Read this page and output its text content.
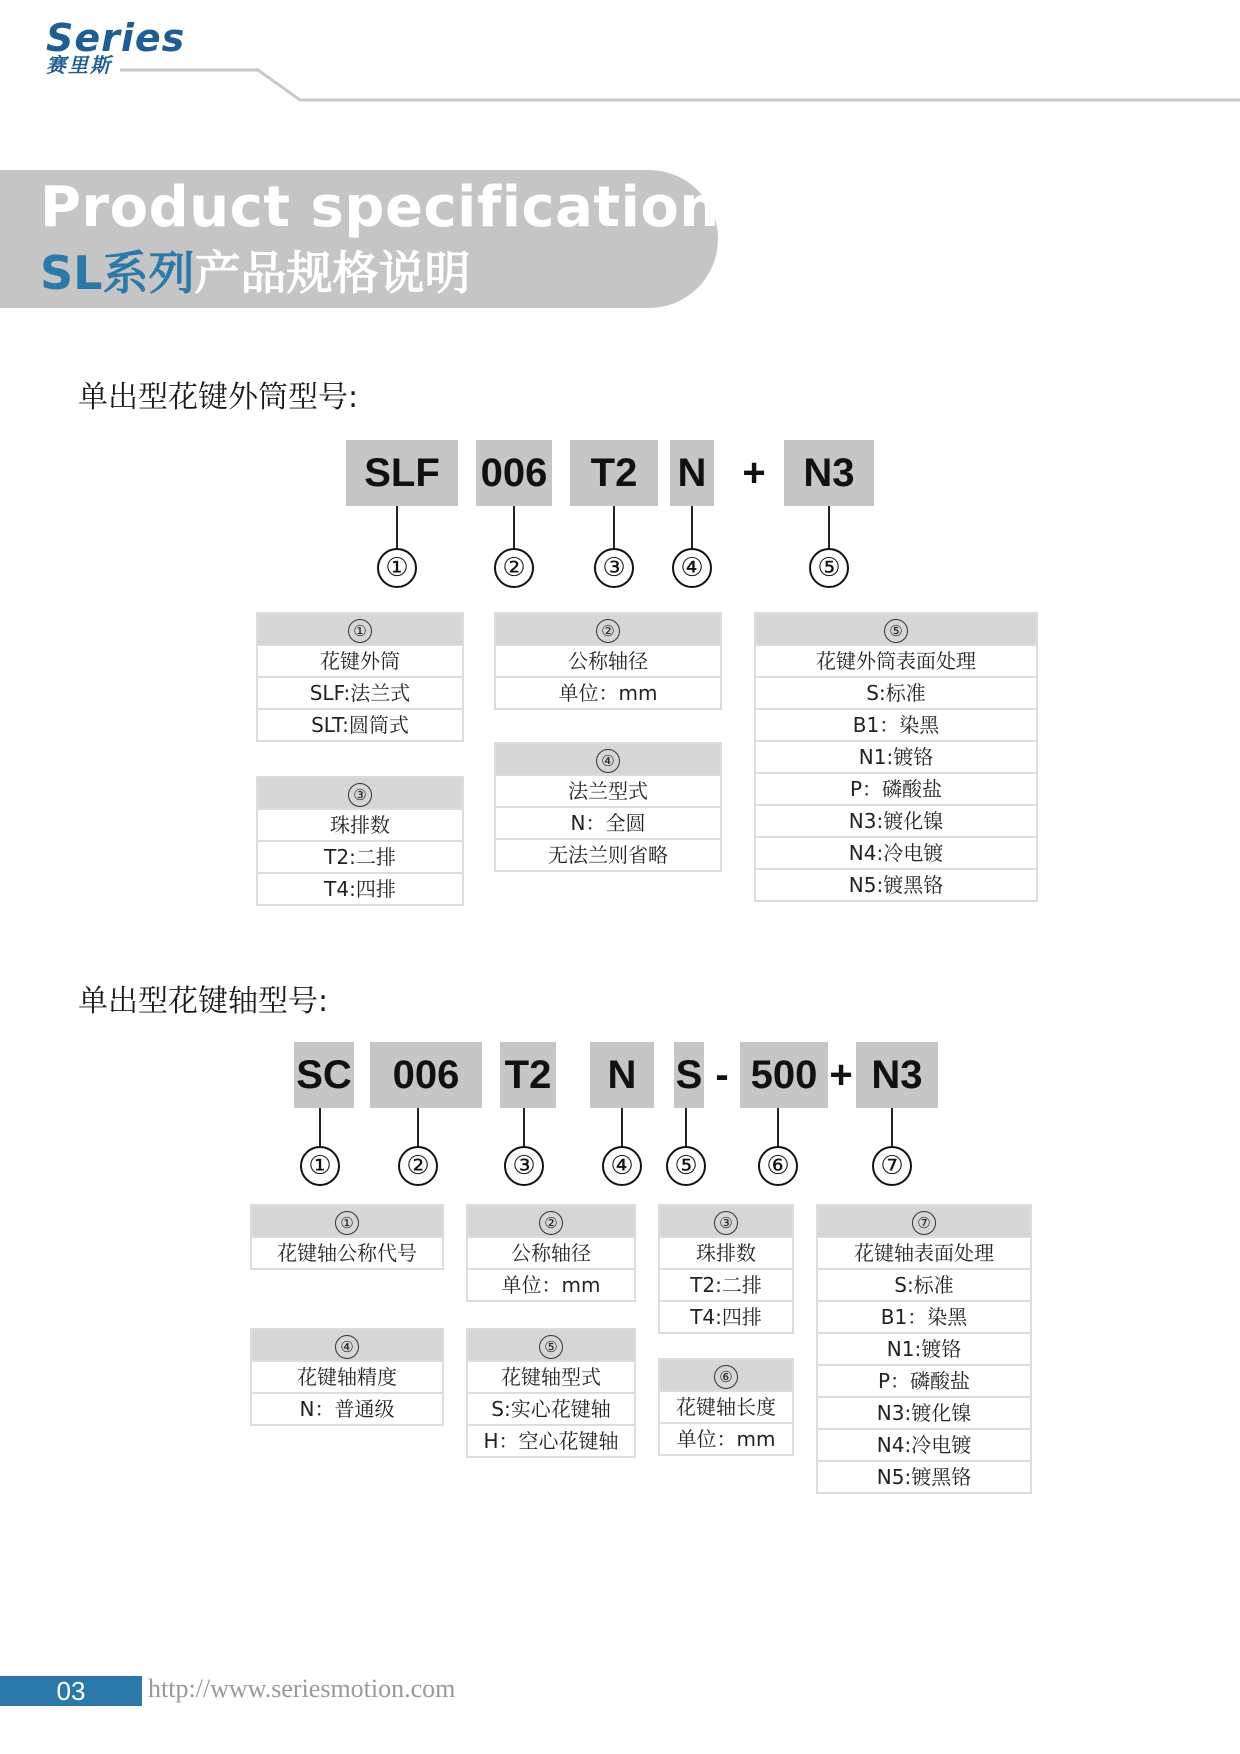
Series
赛里斯
Product specifications
SL系列产品规格说明
单出型花键外筒型号:
SLF	006	T2	N + N3
①	②	③	④	⑤
①
花键外筒
SLF:法兰式
SLT:圆筒式
②
公称轴径
单位：mm
③
珠排数
T2:二排
T4:四排
④
法兰型式
N：全圆
无法兰则省略
⑤
花键外筒表面处理
S:标准
B1：染黑
N1:镀铬
P：磷酸盐
N3:镀化镍
N4:冷电镀
N5:镀黑铬
单出型花键轴型号:
SC	006	T2	N S - 500 + N3
①	②	③	④	⑤	⑥	⑦
①
花键轴公称代号
②
公称轴径
单位：mm
③
珠排数
T2:二排
T4:四排
⑦
花键轴表面处理
S:标准
B1：染黑
N1:镀铬
P：磷酸盐
N3:镀化镍
N4:冷电镀
N5:镀黑铬
④
花键轴精度
N：普通级
⑤
花键轴型式
S:实心花键轴
H：空心花键轴
⑥
花键轴长度
单位：mm
03	http://www.seriesmotion.com
